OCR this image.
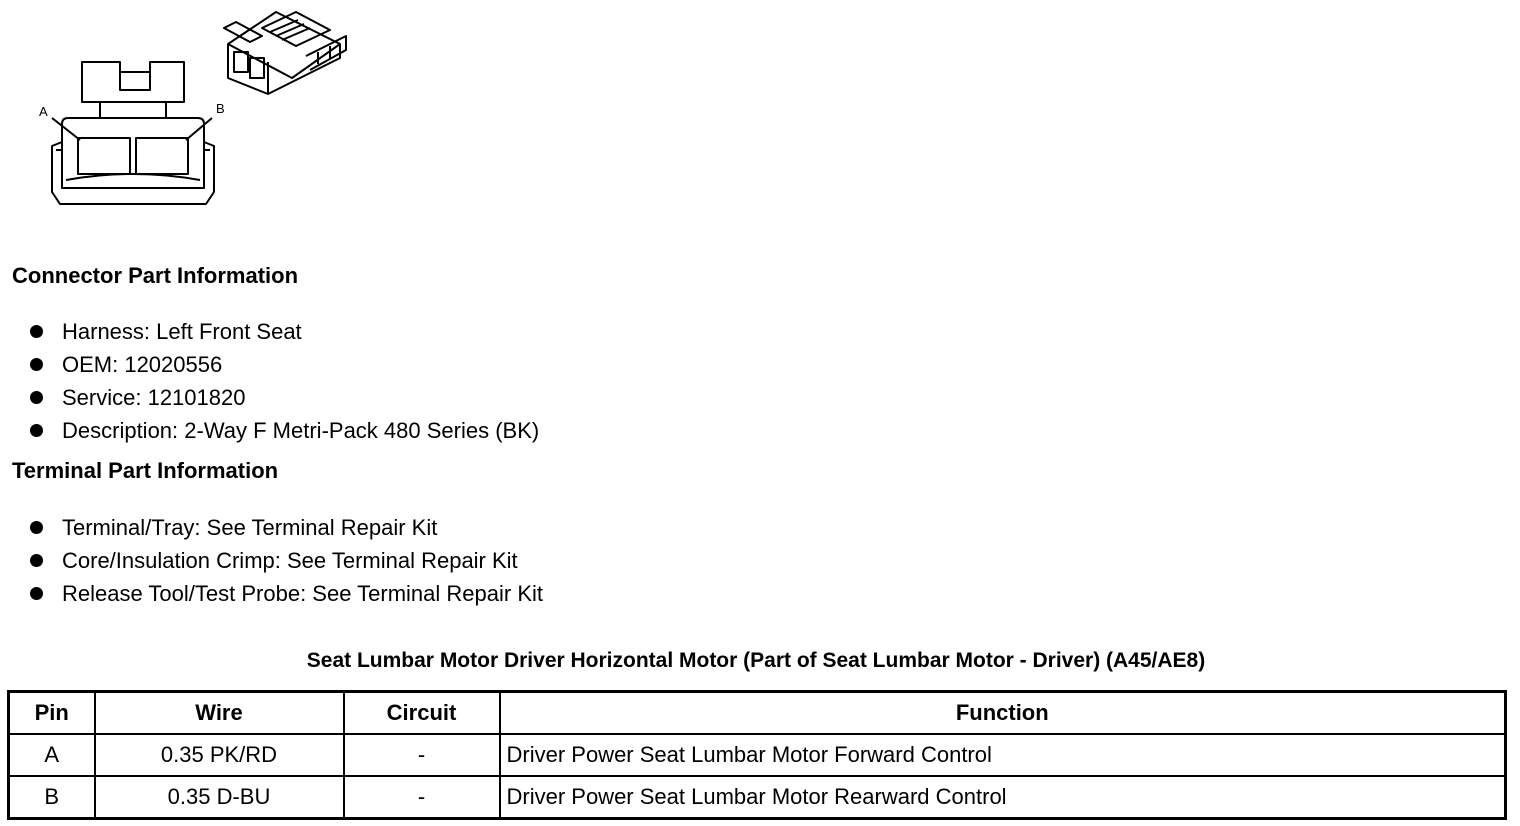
A	B
Connector Part Information
Harness: Left Front Seat
OEM: 12020556
Service: 12101820
Description: 2-Way F Metri-Pack 480 Series (BK)
Terminal Part Information
Terminal/Tray: See Terminal Repair Kit
Core/Insulation Crimp: See Terminal Repair Kit
Release Tool/Test Probe: See Terminal Repair Kit
Seat Lumbar Motor Driver Horizontal Motor (Part of Seat Lumbar Motor - Driver) (A45/AE8)
Pin	Wire	Circuit	Function
A	0.35 PK/RD	-	Driver Power Seat Lumbar Motor Forward Control
B	0.35 D-BU	-	Driver Power Seat Lumbar Motor Rearward Control
